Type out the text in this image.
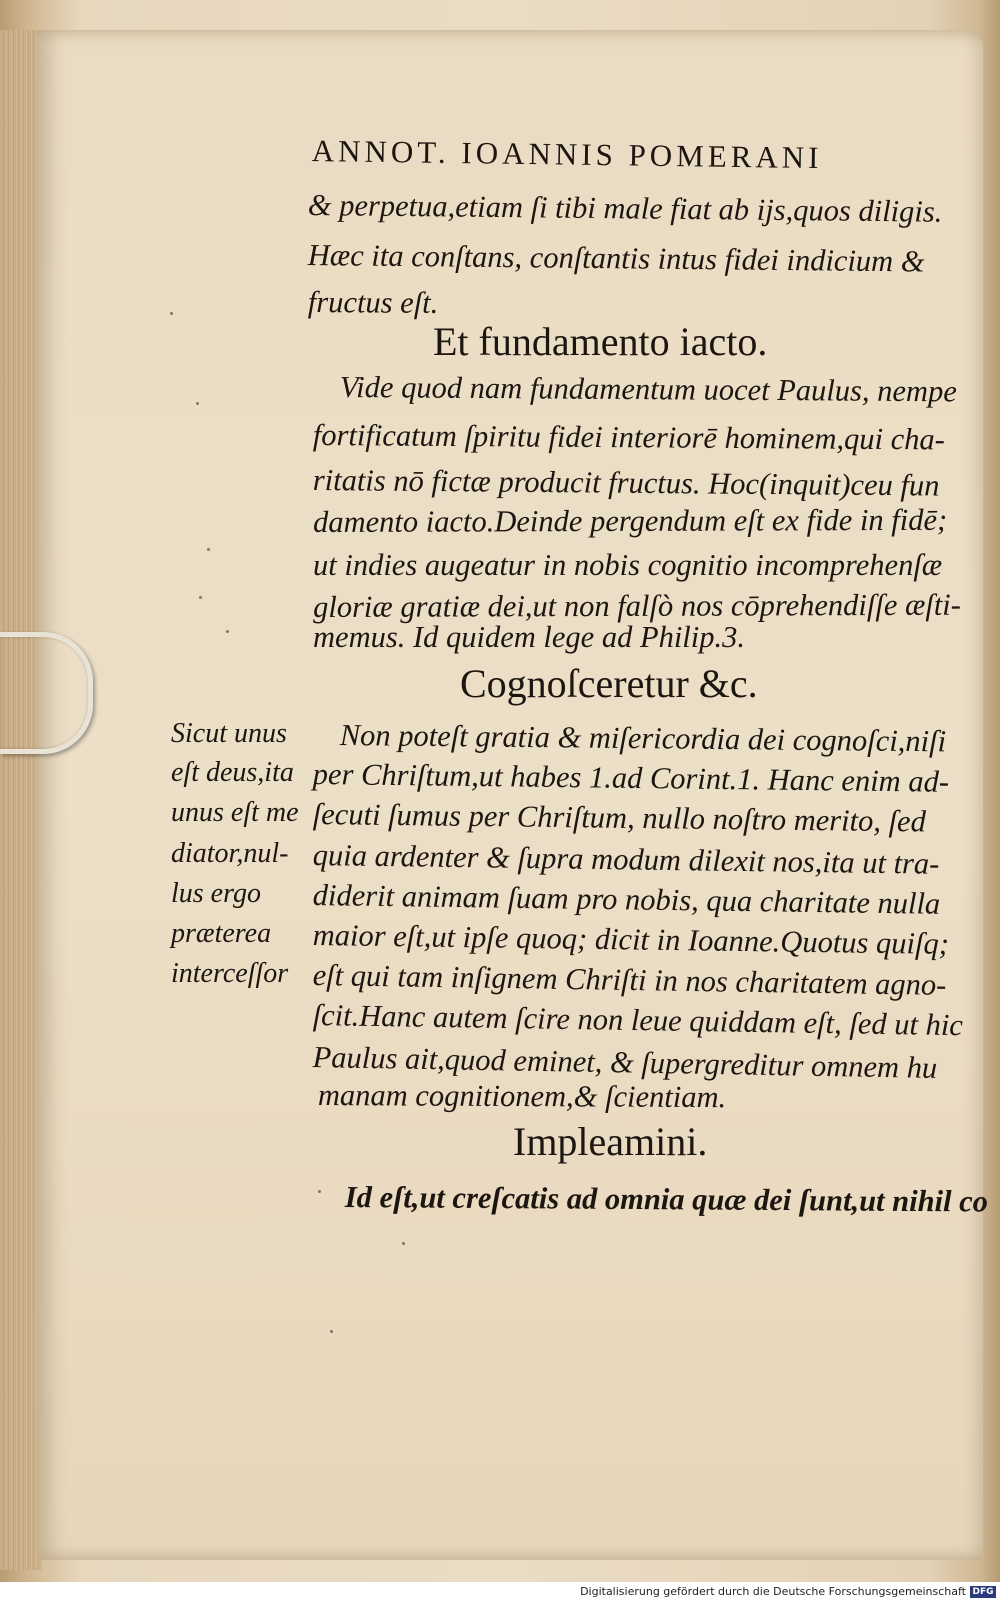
ANNOT. IOANNIS POMERANI
& perpetua,etiam ſi tibi male fiat ab ijs,quos diligis.
Hæc ita conſtans, conſtantis intus fidei indicium &
fructus eſt.
Et fundamento iacto.
Vide quod nam fundamentum uocet Paulus, nempe
fortificatum ſpiritu fidei interiorē hominem,qui cha-
ritatis nō fictæ producit fructus. Hoc(inquit)ceu fun
damento iacto.Deinde pergendum eſt ex fide in fidē;
ut indies augeatur in nobis cognitio incomprehenſæ
gloriæ gratiæ dei,ut non falſò nos cōprehendiſſe æſti-
memus. Id quidem lege ad Philip.3.
Cognoſceretur &c.
Non poteſt gratia & miſericordia dei cognoſci,niſi
per Chriſtum,ut habes 1.ad Corint.1. Hanc enim ad-
ſecuti ſumus per Chriſtum, nullo noſtro merito, ſed
quia ardenter & ſupra modum dilexit nos,ita ut tra-
diderit animam ſuam pro nobis, qua charitate nulla
maior eſt,ut ipſe quoq; dicit in Ioanne.Quotus quiſq;
eſt qui tam inſignem Chriſti in nos charitatem agno-
ſcit.Hanc autem ſcire non leue quiddam eſt, ſed ut hic
Paulus ait,quod eminet, & ſupergreditur omnem hu
manam cognitionem,& ſcientiam.
Sicut unus
eſt deus,ita
unus eſt me
diator,nul-
lus ergo
præterea
interceſſor
Impleamini.
Id eſt,ut creſcatis ad omnia quæ dei ſunt,ut nihil co
Digitalisierung gefördert durch die Deutsche Forschungsgemeinschaft DFG
